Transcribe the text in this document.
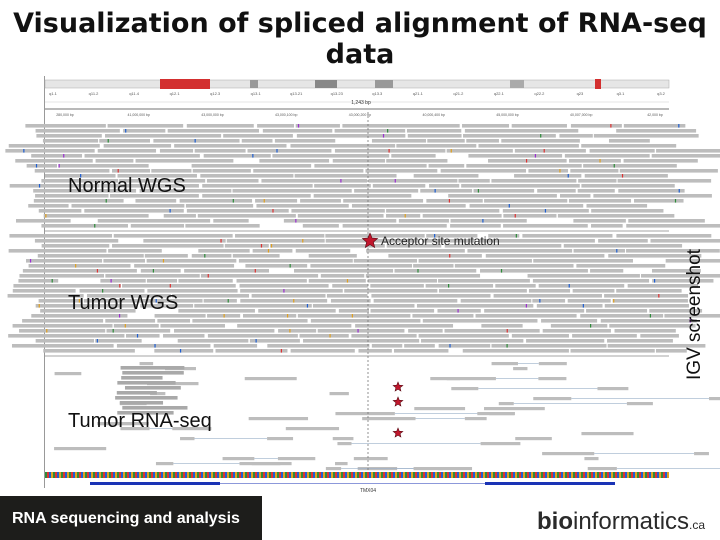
Visualization of spliced alignment of RNA-seq data
q1.1	q11.2	q11.4	q12.1	q12.3	q13.1	q13.21	q13.23	q13.3	q21.1	q21.2	q22.1	q22.2	q23	q3.1	q3.2
280,000 bp	41,000,000 bp	43,000,000 bp	43,000,100 bp	43,000,200 bp	40,000,400 bp	45,000,000 bp	40,007,000 bp	42,000 bp
1,243 bp
TMX04
Acceptor site mutation
Normal WGS
Tumor WGS
Tumor RNA-seq
IGV screenshot
RNA sequencing and analysis	bioinformatics.ca
